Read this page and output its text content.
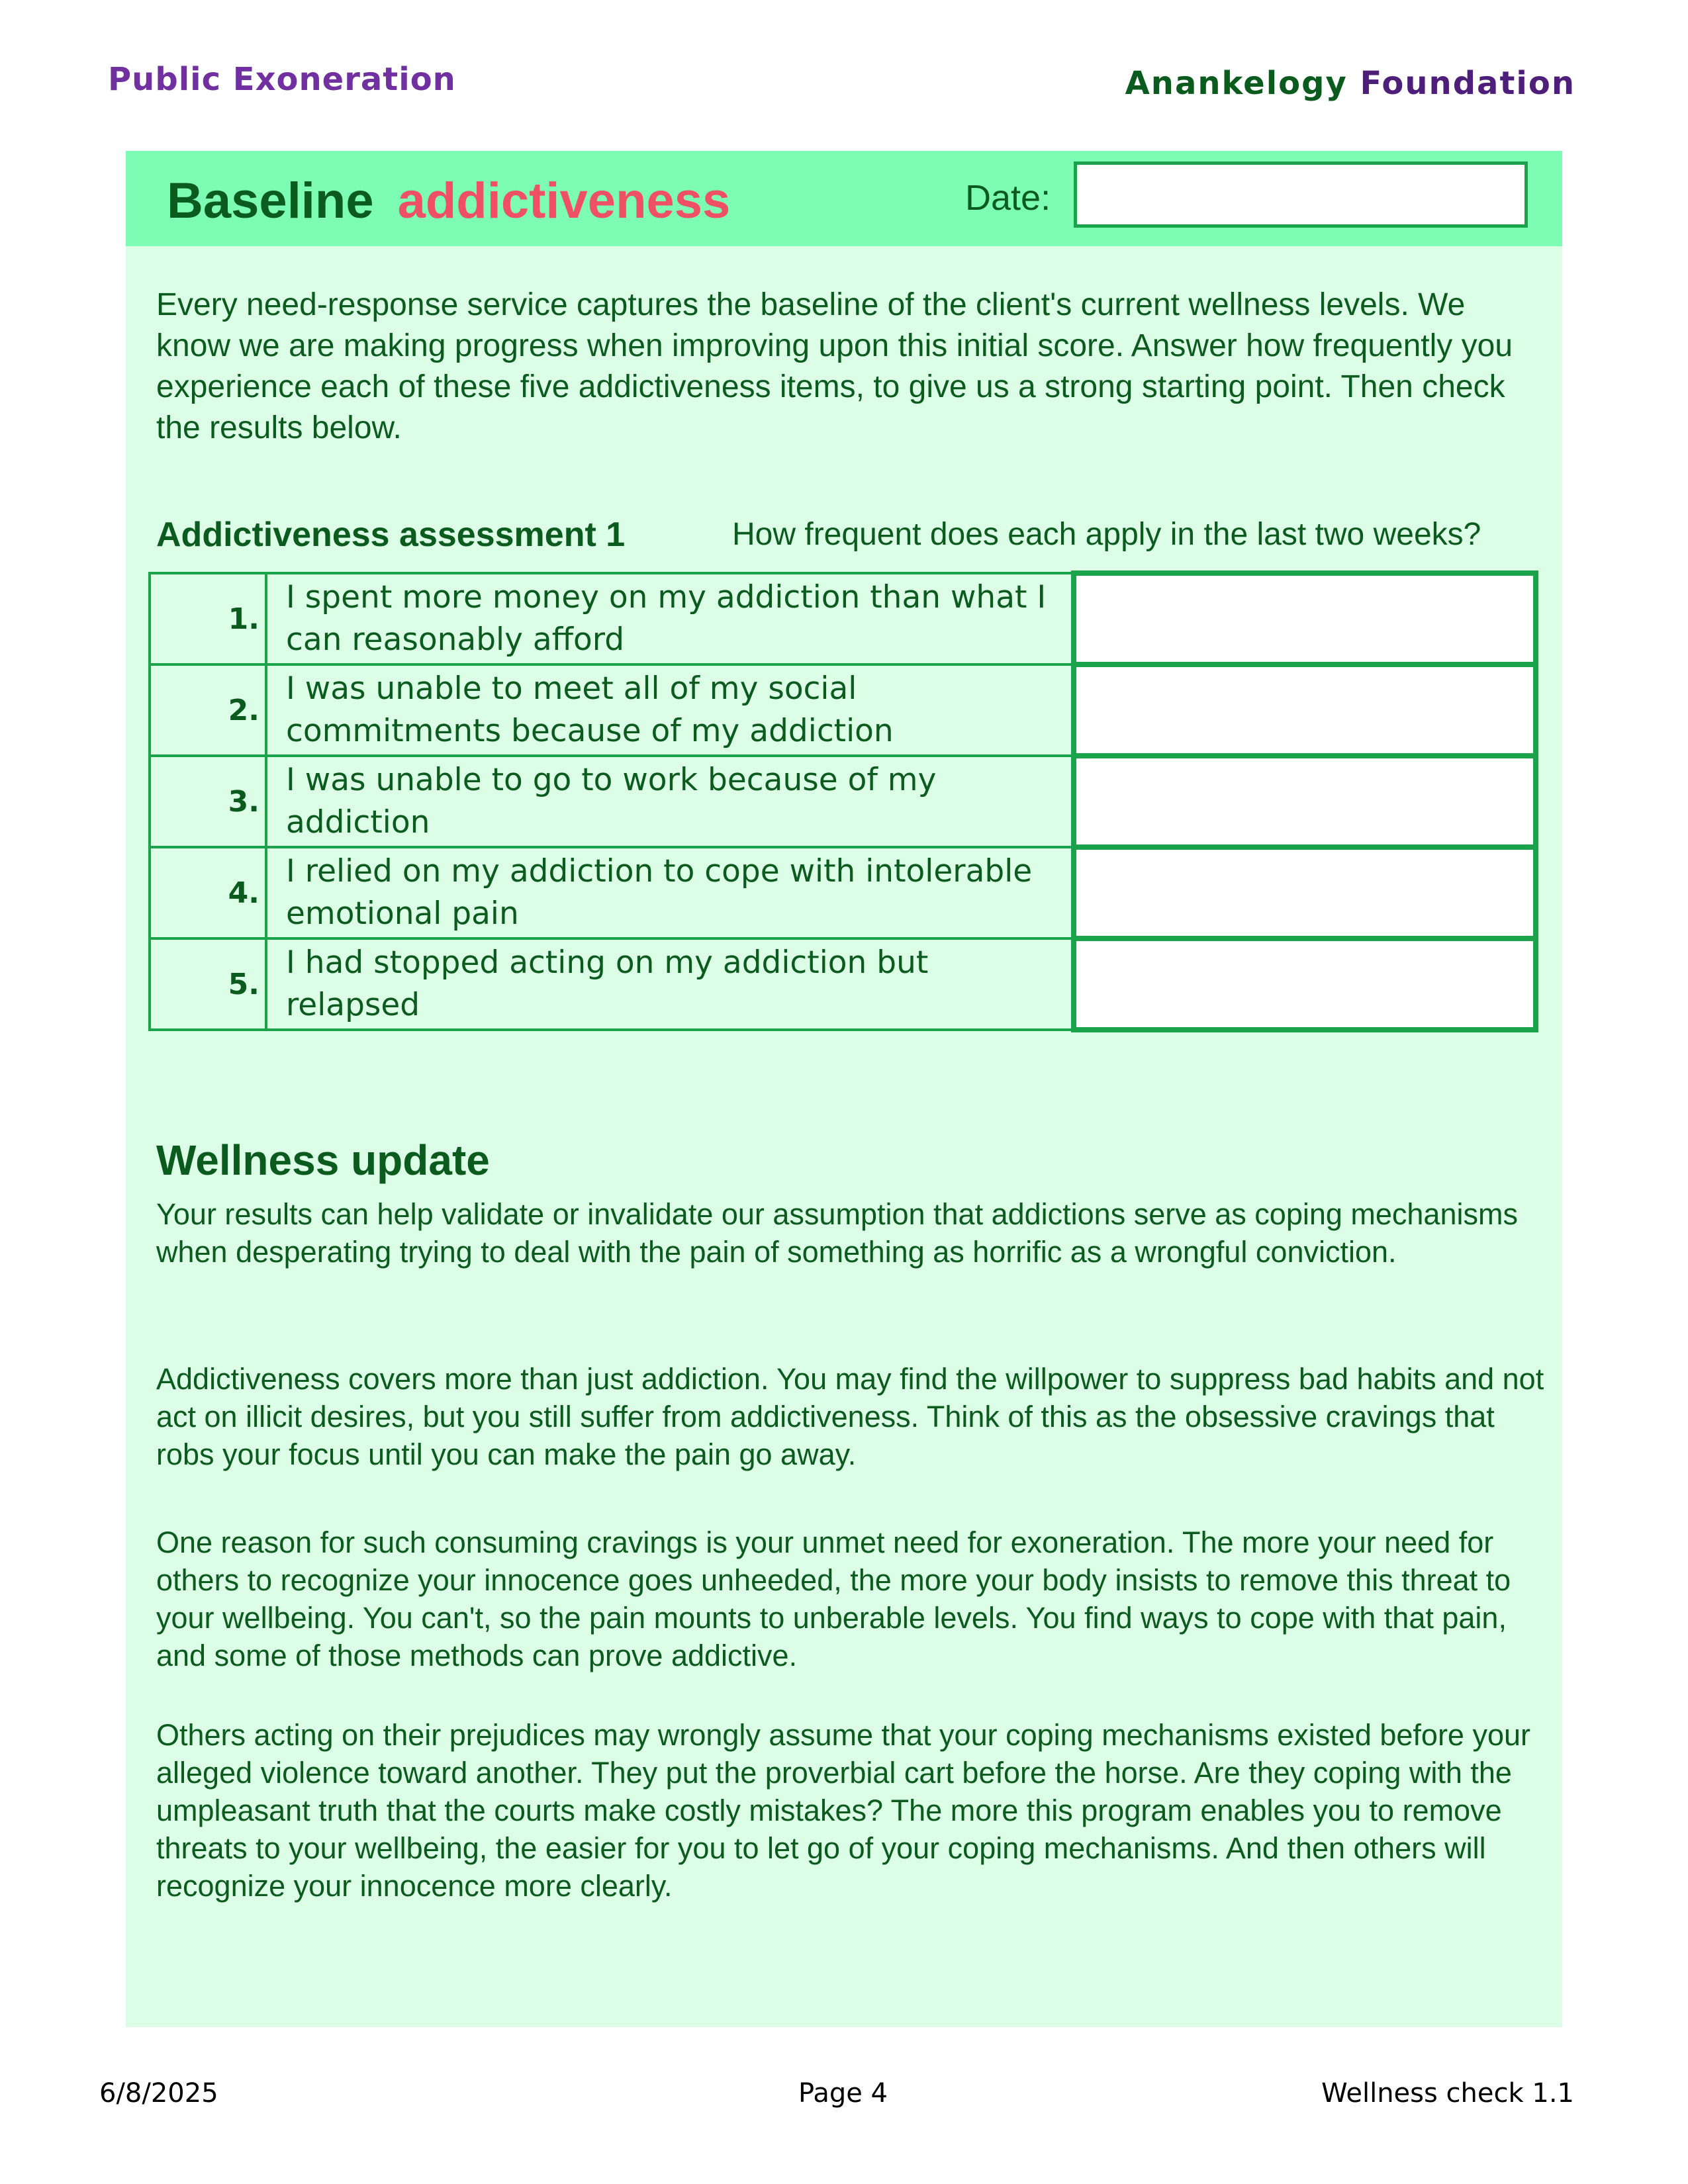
Public Exoneration	Anankelogy Foundation
Baseline addictiveness	Date:

Every need-response service captures the baseline of the client's current wellness levels. We know we are making progress when improving upon this initial score. Answer how frequently you experience each of these five addictiveness items, to give us a strong starting point. Then check the results below.

Addictiveness assessment 1	How frequent does each apply in the last two weeks?
1.	I spent more money on my addiction than what I can reasonably afford	
2.	I was unable to meet all of my social commitments because of my addiction	
3.	I was unable to go to work because of my addiction	
4.	I relied on my addiction to cope with intolerable emotional pain	
5.	I had stopped acting on my addiction but relapsed	
Wellness update

Your results can help validate or invalidate our assumption that addictions serve as coping mechanisms when desperating trying to deal with the pain of something as horrific as a wrongful conviction.

Addictiveness covers more than just addiction. You may find the willpower to suppress bad habits and not act on illicit desires, but you still suffer from addictiveness. Think of this as the obsessive cravings that robs your focus until you can make the pain go away.

One reason for such consuming cravings is your unmet need for exoneration. The more your need for others to recognize your innocence goes unheeded, the more your body insists to remove this threat to your wellbeing. You can't, so the pain mounts to unberable levels. You find ways to cope with that pain, and some of those methods can prove addictive.

Others acting on their prejudices may wrongly assume that your coping mechanisms existed before your alleged violence toward another. They put the proverbial cart before the horse. Are they coping with the umpleasant truth that the courts make costly mistakes? The more this program enables you to remove threats to your wellbeing, the easier for you to let go of your coping mechanisms. And then others will recognize your innocence more clearly.

6/8/2025	Page 4	Wellness check 1.1
